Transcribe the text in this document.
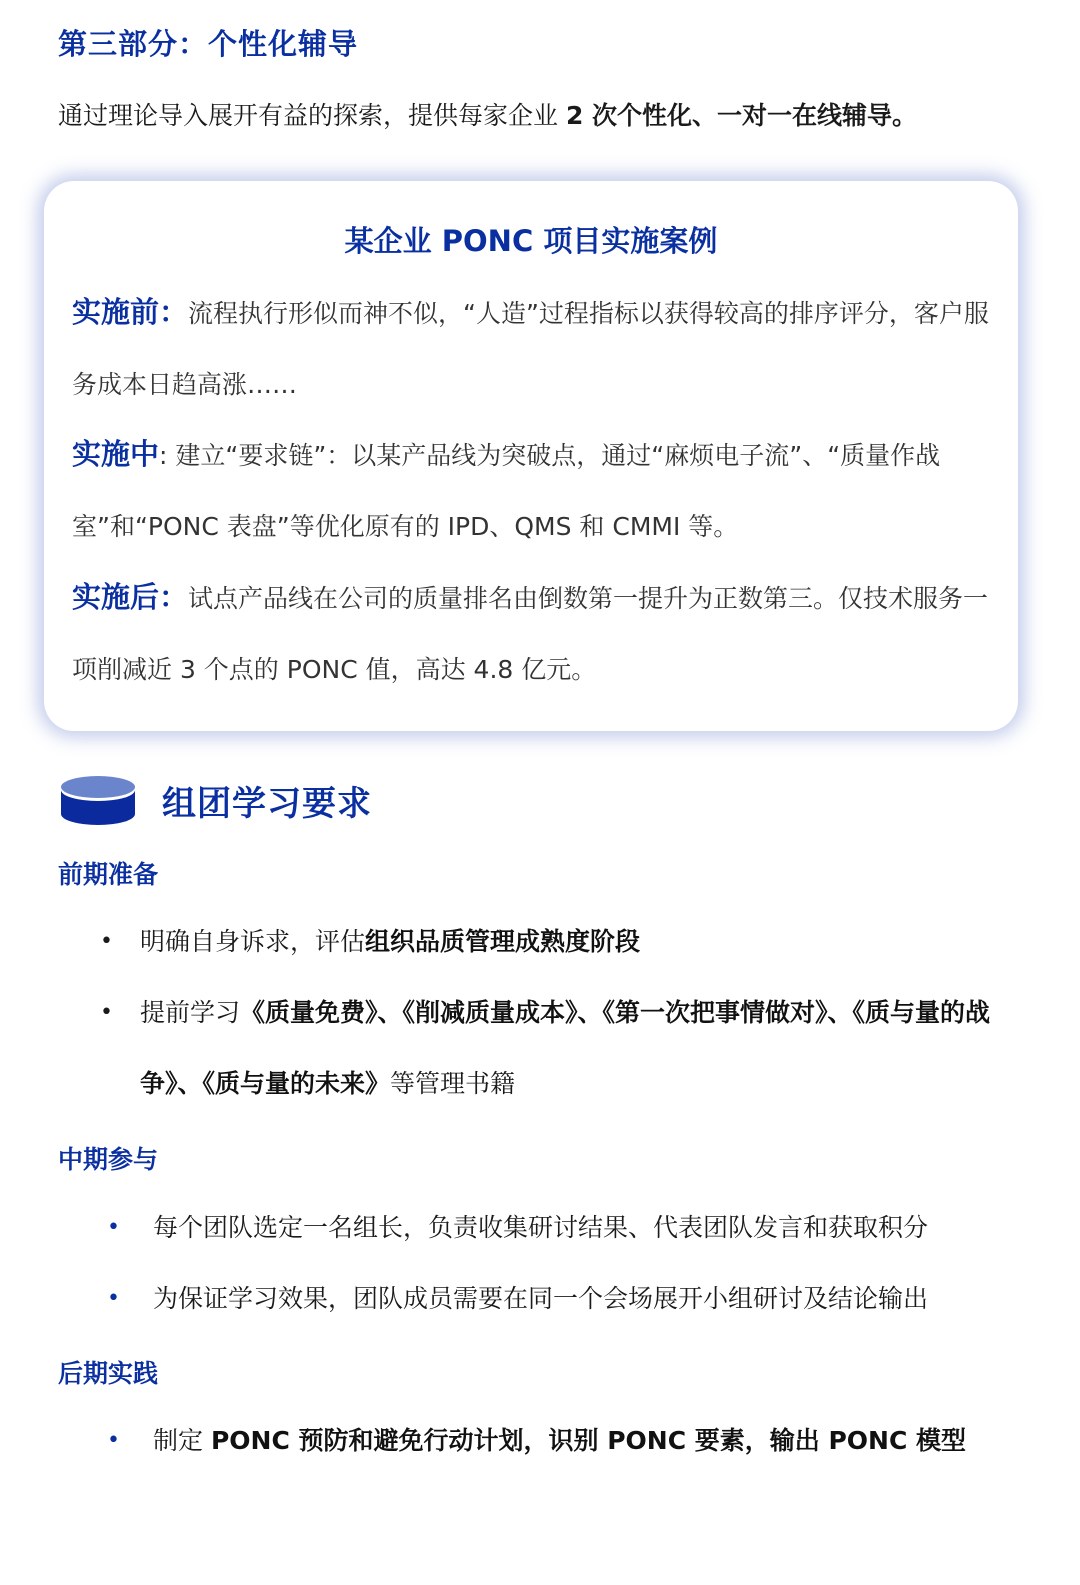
第三部分：个性化辅导

通过理论导入展开有益的探索，提供每家企业 2 次个性化、一对一在线辅导。

某企业 PONC 项目实施案例

实施前：流程执行形似而神不似，“人造”过程指标以获得较高的排序评分，客户服务成本日趋高涨……

实施中: 建立“要求链”：以某产品线为突破点，通过“麻烦电子流”、“质量作战室”和“PONC 表盘”等优化原有的 IPD、QMS 和 CMMI 等。

实施后：试点产品线在公司的质量排名由倒数第一提升为正数第三。仅技术服务一项削减近 3 个点的 PONC 值，高达 4.8 亿元。

组团学习要求
前期准备
• 明确自身诉求，评估组织品质管理成熟度阶段
• 提前学习《质量免费》、《削减质量成本》、《第一次把事情做对》、《质与量的战争》、《质与量的未来》等管理书籍
中期参与
• 每个团队选定一名组长，负责收集研讨结果、代表团队发言和获取积分
• 为保证学习效果，团队成员需要在同一个会场展开小组研讨及结论输出
后期实践
• 制定 PONC 预防和避免行动计划，识别 PONC 要素，输出 PONC 模型
